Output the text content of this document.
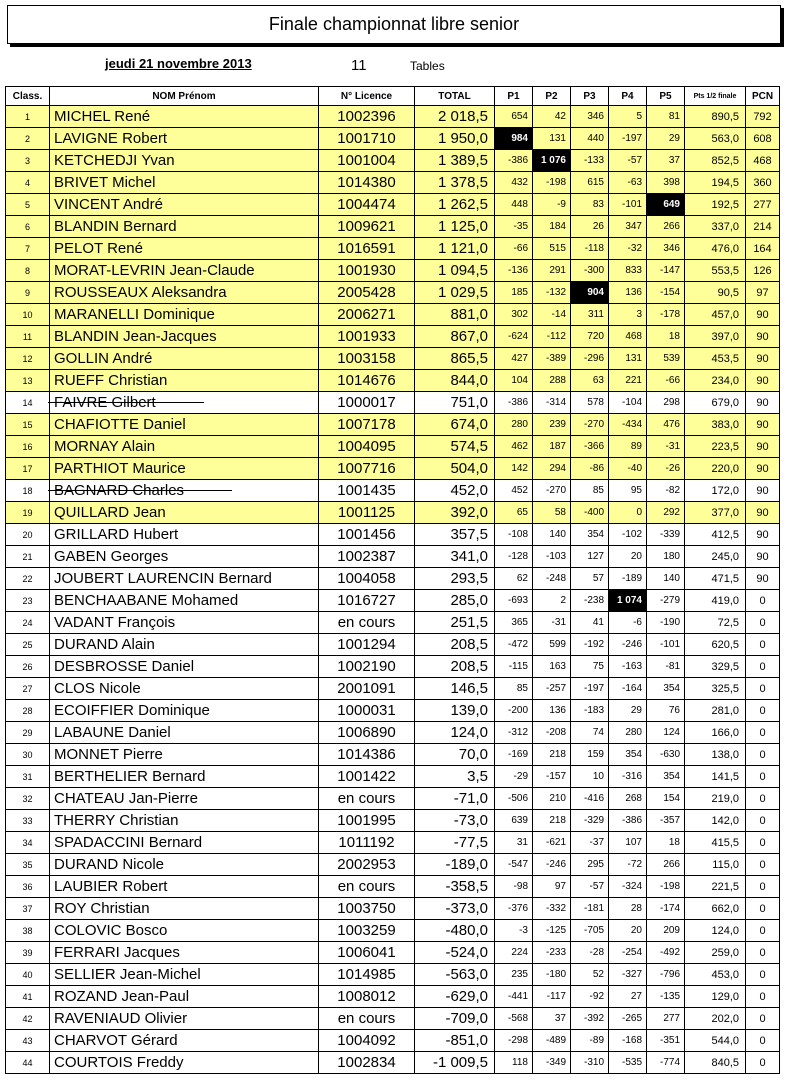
Finale championnat libre senior
jeudi 21 novembre 2013	11	Tables
Class.	NOM Prénom	N° Licence	TOTAL	P1	P2	P3	P4	P5	Pts 1/2 finale	PCN
1	MICHEL René	1002396	2 018,5	654	42	346	5	81	890,5	792
2	LAVIGNE Robert	1001710	1 950,0	984	131	440	-197	29	563,0	608
3	KETCHEDJI Yvan	1001004	1 389,5	-386	1 076	-133	-57	37	852,5	468
4	BRIVET Michel	1014380	1 378,5	432	-198	615	-63	398	194,5	360
5	VINCENT André	1004474	1 262,5	448	-9	83	-101	649	192,5	277
6	BLANDIN Bernard	1009621	1 125,0	-35	184	26	347	266	337,0	214
7	PELOT René	1016591	1 121,0	-66	515	-118	-32	346	476,0	164
8	MORAT-LEVRIN Jean-Claude	1001930	1 094,5	-136	291	-300	833	-147	553,5	126
9	ROUSSEAUX Aleksandra	2005428	1 029,5	185	-132	904	136	-154	90,5	97
10	MARANELLI Dominique	2006271	881,0	302	-14	311	3	-178	457,0	90
11	BLANDIN Jean-Jacques	1001933	867,0	-624	-112	720	468	18	397,0	90
12	GOLLIN André	1003158	865,5	427	-389	-296	131	539	453,5	90
13	RUEFF Christian	1014676	844,0	104	288	63	221	-66	234,0	90
14	FAIVRE Gilbert	1000017	751,0	-386	-314	578	-104	298	679,0	90
15	CHAFIOTTE Daniel	1007178	674,0	280	239	-270	-434	476	383,0	90
16	MORNAY Alain	1004095	574,5	462	187	-366	89	-31	223,5	90
17	PARTHIOT Maurice	1007716	504,0	142	294	-86	-40	-26	220,0	90
18	BAGNARD Charles	1001435	452,0	452	-270	85	95	-82	172,0	90
19	QUILLARD Jean	1001125	392,0	65	58	-400	0	292	377,0	90
20	GRILLARD Hubert	1001456	357,5	-108	140	354	-102	-339	412,5	90
21	GABEN Georges	1002387	341,0	-128	-103	127	20	180	245,0	90
22	JOUBERT LAURENCIN Bernard	1004058	293,5	62	-248	57	-189	140	471,5	90
23	BENCHAABANE Mohamed	1016727	285,0	-693	2	-238	1 074	-279	419,0	0
24	VADANT François	en cours	251,5	365	-31	41	-6	-190	72,5	0
25	DURAND Alain	1001294	208,5	-472	599	-192	-246	-101	620,5	0
26	DESBROSSE Daniel	1002190	208,5	-115	163	75	-163	-81	329,5	0
27	CLOS Nicole	2001091	146,5	85	-257	-197	-164	354	325,5	0
28	ECOIFFIER Dominique	1000031	139,0	-200	136	-183	29	76	281,0	0
29	LABAUNE Daniel	1006890	124,0	-312	-208	74	280	124	166,0	0
30	MONNET Pierre	1014386	70,0	-169	218	159	354	-630	138,0	0
31	BERTHELIER Bernard	1001422	3,5	-29	-157	10	-316	354	141,5	0
32	CHATEAU Jan-Pierre	en cours	-71,0	-506	210	-416	268	154	219,0	0
33	THERRY Christian	1001995	-73,0	639	218	-329	-386	-357	142,0	0
34	SPADACCINI Bernard	1011192	-77,5	31	-621	-37	107	18	415,5	0
35	DURAND Nicole	2002953	-189,0	-547	-246	295	-72	266	115,0	0
36	LAUBIER Robert	en cours	-358,5	-98	97	-57	-324	-198	221,5	0
37	ROY Christian	1003750	-373,0	-376	-332	-181	28	-174	662,0	0
38	COLOVIC Bosco	1003259	-480,0	-3	-125	-705	20	209	124,0	0
39	FERRARI Jacques	1006041	-524,0	224	-233	-28	-254	-492	259,0	0
40	SELLIER Jean-Michel	1014985	-563,0	235	-180	52	-327	-796	453,0	0
41	ROZAND Jean-Paul	1008012	-629,0	-441	-117	-92	27	-135	129,0	0
42	RAVENIAUD Olivier	en cours	-709,0	-568	37	-392	-265	277	202,0	0
43	CHARVOT Gérard	1004092	-851,0	-298	-489	-89	-168	-351	544,0	0
44	COURTOIS Freddy	1002834	-1 009,5	118	-349	-310	-535	-774	840,5	0
